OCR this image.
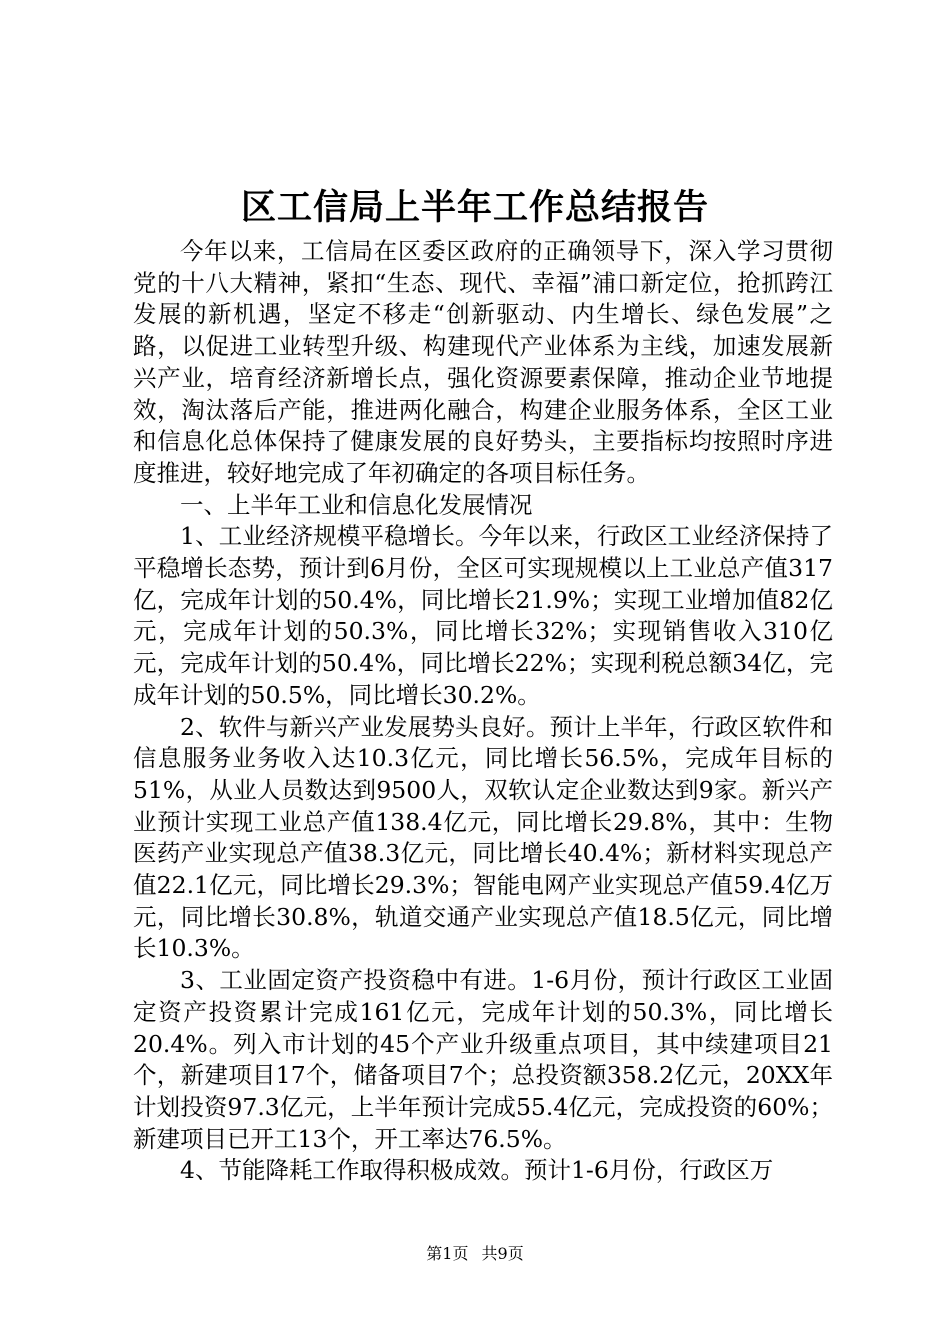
区工信局上半年工作总结报告

今年以来，工信局在区委区政府的正确领导下，深入学习贯彻党的十八大精神，紧扣“生态、现代、幸福”浦口新定位，抢抓跨江发展的新机遇，坚定不移走“创新驱动、内生增长、绿色发展”之路，以促进工业转型升级、构建现代产业体系为主线，加速发展新兴产业，培育经济新增长点，强化资源要素保障，推动企业节地提效，淘汰落后产能，推进两化融合，构建企业服务体系，全区工业和信息化总体保持了健康发展的良好势头，主要指标均按照时序进度推进，较好地完成了年初确定的各项目标任务。

一、上半年工业和信息化发展情况

1、工业经济规模平稳增长。今年以来，行政区工业经济保持了平稳增长态势，预计到6月份，全区可实现规模以上工业总产值317亿，完成年计划的50.4%，同比增长21.9%；实现工业增加值82亿元，完成年计划的50.3%，同比增长32%；实现销售收入310亿元，完成年计划的50.4%，同比增长22%；实现利税总额34亿，完成年计划的50.5%，同比增长30.2%。

2、软件与新兴产业发展势头良好。预计上半年，行政区软件和信息服务业务收入达10.3亿元，同比增长56.5%，完成年目标的51%，从业人员数达到9500人，双软认定企业数达到9家。新兴产业预计实现工业总产值138.4亿元，同比增长29.8%，其中：生物医药产业实现总产值38.3亿元，同比增长40.4%；新材料实现总产值22.1亿元，同比增长29.3%；智能电网产业实现总产值59.4亿万元，同比增长30.8%，轨道交通产业实现总产值18.5亿元，同比增长10.3%。

3、工业固定资产投资稳中有进。1-6月份，预计行政区工业固定资产投资累计完成161亿元，完成年计划的50.3%，同比增长20.4%。列入市计划的45个产业升级重点项目，其中续建项目21个，新建项目17个，储备项目7个；总投资额358.2亿元，20XX年计划投资97.3亿元，上半年预计完成55.4亿元，完成投资的60%；新建项目已开工13个，开工率达76.5%。

4、节能降耗工作取得积极成效。预计1-6月份，行政区万

第1页 共9页
